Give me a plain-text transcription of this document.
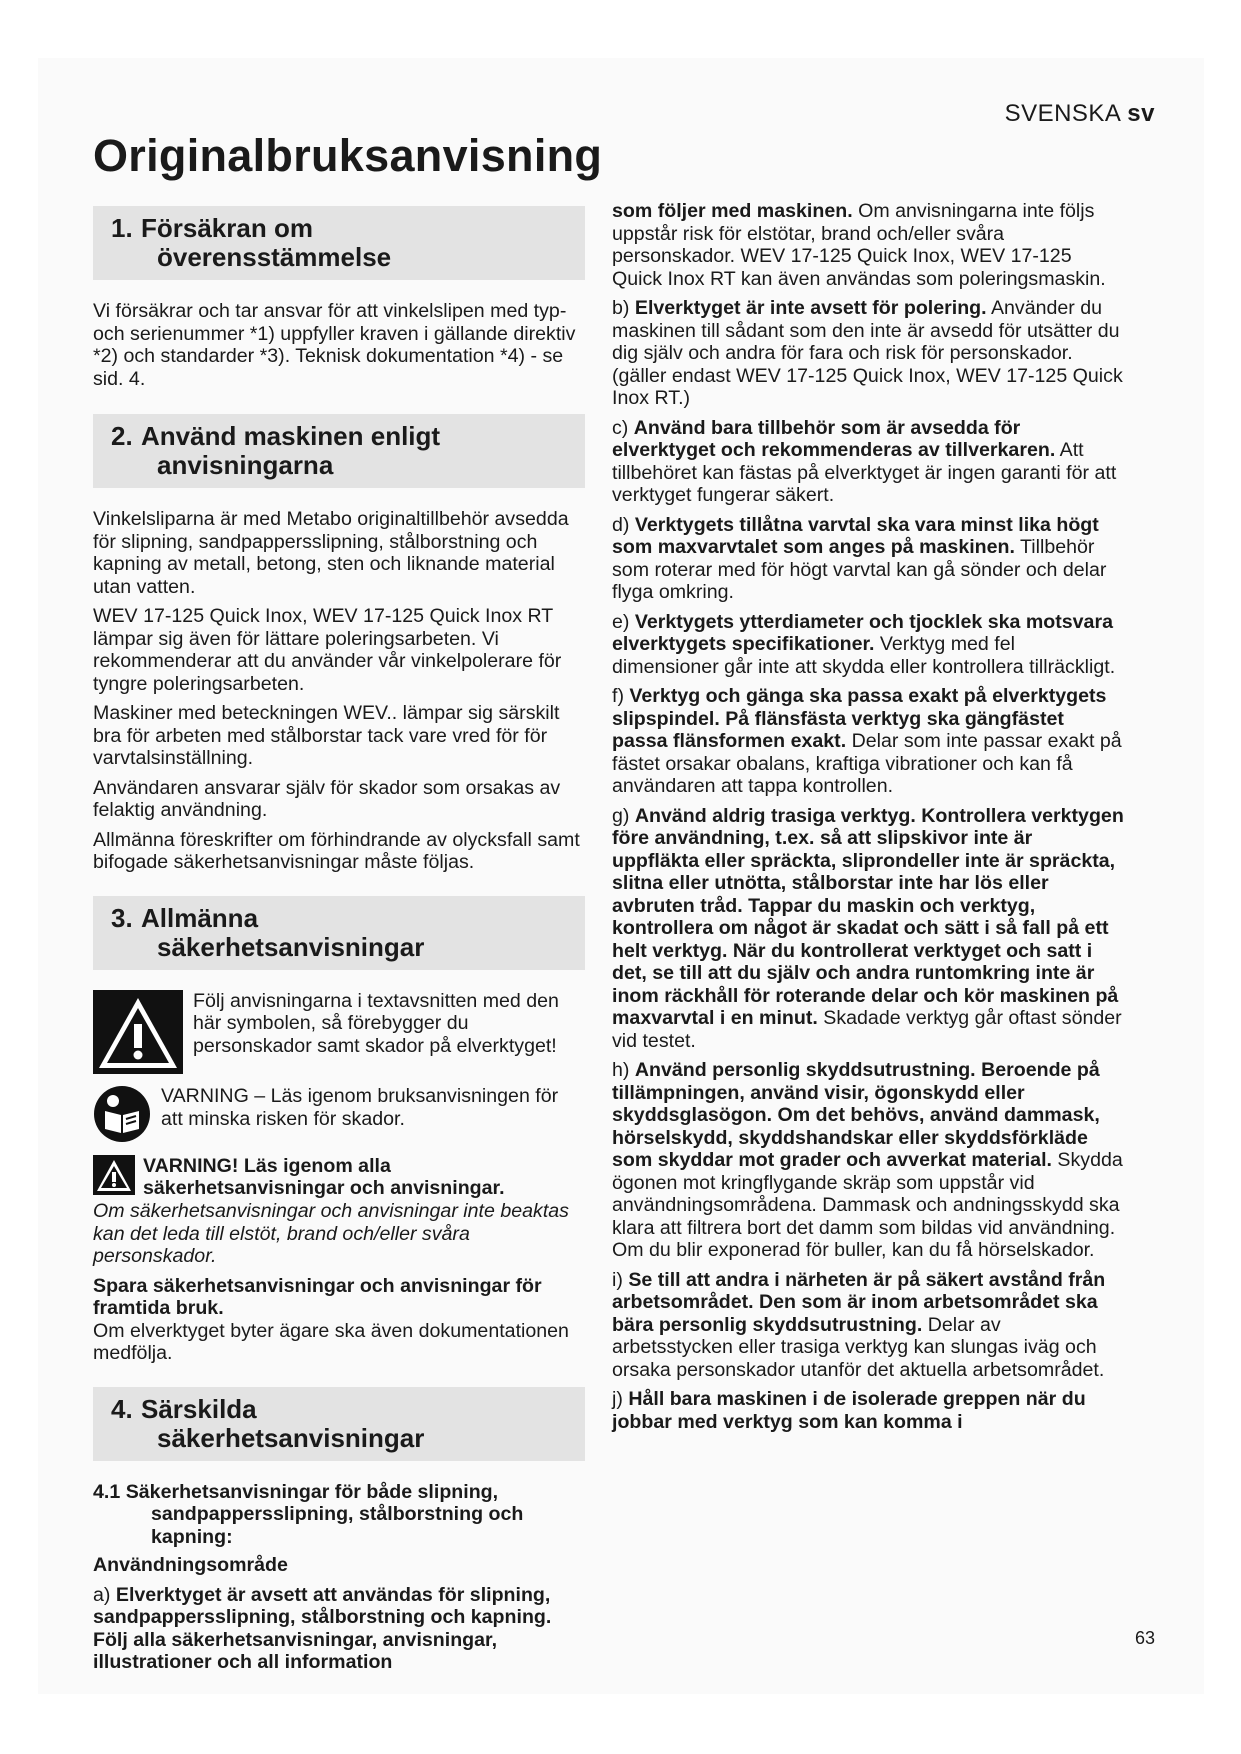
SVENSKA sv
Originalbruksanvisning
1. Försäkran om
överensstämmelse

Vi försäkrar och tar ansvar för att vinkelslipen med typ- och serienummer *1) uppfyller kraven i gällande direktiv *2) och standarder *3). Teknisk dokumentation *4) - se sid. 4.

2. Använd maskinen enligt
anvisningarna

Vinkelsliparna är med Metabo originaltillbehör avsedda för slipning, sandpappersslipning, stålborstning och kapning av metall, betong, sten och liknande material utan vatten.

WEV 17-125 Quick Inox, WEV 17-125 Quick Inox RT lämpar sig även för lättare poleringsarbeten. Vi rekommenderar att du använder vår vinkelpolerare för tyngre poleringsarbeten.

Maskiner med beteckningen WEV.. lämpar sig särskilt bra för arbeten med stålborstar tack vare vred för för varvtalsinställning.

Användaren ansvarar själv för skador som orsakas av felaktig användning.

Allmänna föreskrifter om förhindrande av olycksfall samt bifogade säkerhetsanvisningar måste följas.

3. Allmänna
säkerhetsanvisningar

Följ anvisningarna i textavsnitten med den här symbolen, så förebygger du personskador samt skador på elverktyget!

VARNING – Läs igenom bruksanvisningen för att minska risken för skador.

VARNING! Läs igenom alla säkerhetsanvisningar och anvisningar.

Om säkerhetsanvisningar och anvisningar inte beaktas kan det leda till elstöt, brand och/eller svåra personskador.

Spara säkerhetsanvisningar och anvisningar för framtida bruk.

Om elverktyget byter ägare ska även dokumentationen medfölja.

4. Särskilda
säkerhetsanvisningar
4.1 Säkerhetsanvisningar för både slipning,
sandpappersslipning, stålborstning och kapning:

Användningsområde

a) Elverktyget är avsett att användas för slipning, sandpappersslipning, stålborstning och kapning. Följ alla säkerhetsanvisningar, anvisningar, illustrationer och all information

som följer med maskinen. Om anvisningarna inte följs uppstår risk för elstötar, brand och/eller svåra personskador. WEV 17-125 Quick Inox, WEV 17-125 Quick Inox RT kan även användas som poleringsmaskin.

b) Elverktyget är inte avsett för polering. Använder du maskinen till sådant som den inte är avsedd för utsätter du dig själv och andra för fara och risk för personskador. (gäller endast WEV 17-125 Quick Inox, WEV 17-125 Quick Inox RT.)

c) Använd bara tillbehör som är avsedda för elverktyget och rekommenderas av tillverkaren. Att tillbehöret kan fästas på elverktyget är ingen garanti för att verktyget fungerar säkert.

d) Verktygets tillåtna varvtal ska vara minst lika högt som maxvarvtalet som anges på maskinen. Tillbehör som roterar med för högt varvtal kan gå sönder och delar flyga omkring.

e) Verktygets ytterdiameter och tjocklek ska motsvara elverktygets specifikationer. Verktyg med fel dimensioner går inte att skydda eller kontrollera tillräckligt.

f) Verktyg och gänga ska passa exakt på elverktygets slipspindel. På flänsfästa verktyg ska gängfästet passa flänsformen exakt. Delar som inte passar exakt på fästet orsakar obalans, kraftiga vibrationer och kan få användaren att tappa kontrollen.

g) Använd aldrig trasiga verktyg. Kontrollera verktygen före användning, t.ex. så att slipskivor inte är uppfläkta eller spräckta, sliprondeller inte är spräckta, slitna eller utnötta, stålborstar inte har lös eller avbruten tråd. Tappar du maskin och verktyg, kontrollera om något är skadat och sätt i så fall på ett helt verktyg. När du kontrollerat verktyget och satt i det, se till att du själv och andra runtomkring inte är inom räckhåll för roterande delar och kör maskinen på maxvarvtal i en minut. Skadade verktyg går oftast sönder vid testet.

h) Använd personlig skyddsutrustning. Beroende på tillämpningen, använd visir, ögonskydd eller skyddsglasögon. Om det behövs, använd dammask, hörselskydd, skyddshandskar eller skyddsförkläde som skyddar mot grader och avverkat material. Skydda ögonen mot kringflygande skräp som uppstår vid användningsområdena. Dammask och andningsskydd ska klara att filtrera bort det damm som bildas vid användning. Om du blir exponerad för buller, kan du få hörselskador.

i) Se till att andra i närheten är på säkert avstånd från arbetsområdet. Den som är inom arbetsområdet ska bära personlig skyddsutrustning. Delar av arbetsstycken eller trasiga verktyg kan slungas iväg och orsaka personskador utanför det aktuella arbetsområdet.

j) Håll bara maskinen i de isolerade greppen när du jobbar med verktyg som kan komma i

63
